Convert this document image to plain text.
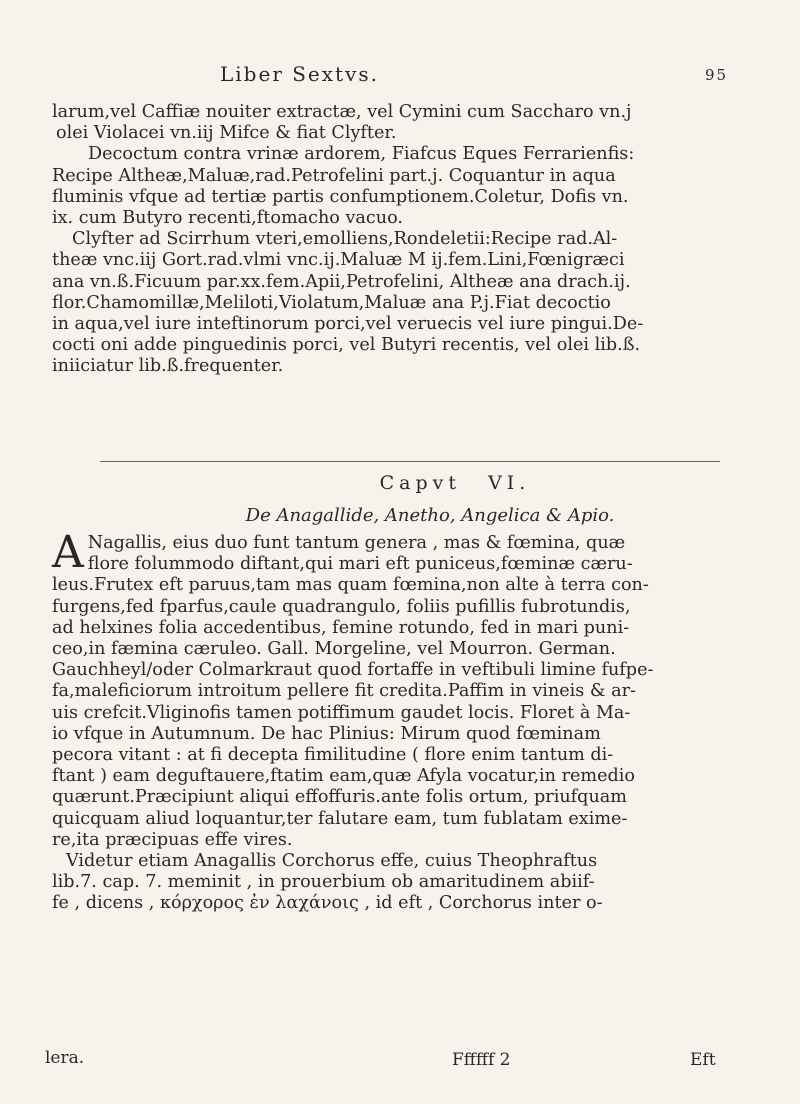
Liber Sextvs.	95
larum,vel Caffiæ nouiter extractæ, vel Cymini cum Saccharo vn.j
olei Violacei vn.iij Mifce & fiat Clyfter.
Decoctum contra vrinæ ardorem, Fiafcus Eques Ferrarienfis:
Recipe Altheæ,Maluæ,rad.Petrofelini part.j. Coquantur in aqua
fluminis vfque ad tertiæ partis confumptionem.Coletur, Dofis vn.
ix. cum Butyro recenti,ftomacho vacuo.
Clyfter ad Scirrhum vteri,emolliens,Rondeletii:Recipe rad.Al-
theæ vnc.iij Gort.rad.vlmi vnc.ij.Maluæ M ij.fem.Lini,Fœnigræci
ana vn.ß.Ficuum par.xx.fem.Apii,Petrofelini, Altheæ ana drach.ij.
flor.Chamomillæ,Meliloti,Violatum,Maluæ ana P.j.Fiat decoctio
in aqua,vel iure inteftinorum porci,vel veruecis vel iure pingui.De-
cocti oni adde pinguedinis porci, vel Butyri recentis, vel olei lib.ß.
iniiciatur lib.ß.frequenter.
Capvt VI.
De Anagallide, Anetho, Angelica & Apio.
A Nagallis, eius duo funt tantum genera , mas & fœmina, quæ
flore folummodo diftant,qui mari eft puniceus,fœminæ cæru-
leus.Frutex eft paruus,tam mas quam fœmina,non alte à terra con-
furgens,fed fparfus,caule quadrangulo, foliis pufillis fubrotundis,
ad helxines folia accedentibus, femine rotundo, fed in mari puni-
ceo,in fæmina cæruleo. Gall. Morgeline, vel Mourron. German.
Gauchheyl/oder Colmarkraut quod fortaffe in veftibuli limine fufpe-
fa,maleficiorum introitum pellere fit credita.Paffim in vineis & ar-
uis crefcit.Vliginofis tamen potiffimum gaudet locis. Floret à Ma-
io vfque in Autumnum. De hac Plinius: Mirum quod fœminam
pecora vitant : at fi decepta fimilitudine ( flore enim tantum di-
ftant ) eam deguftauere,ftatim eam,quæ Afyla vocatur,in remedio
quærunt.Præcipiunt aliqui effoffuris.ante folis ortum, priufquam
quicquam aliud loquantur,ter falutare eam, tum fublatam exime-
re,ita præcipuas effe vires.
Videtur etiam Anagallis Corchorus effe, cuius Theophraftus
lib.7. cap. 7. meminit , in prouerbium ob amaritudinem abiif-
fe , dicens , κόρχορος ἐν λαχάνοις , id eft , Corchorus inter o-
lera.	Ffffff 2	Eft
